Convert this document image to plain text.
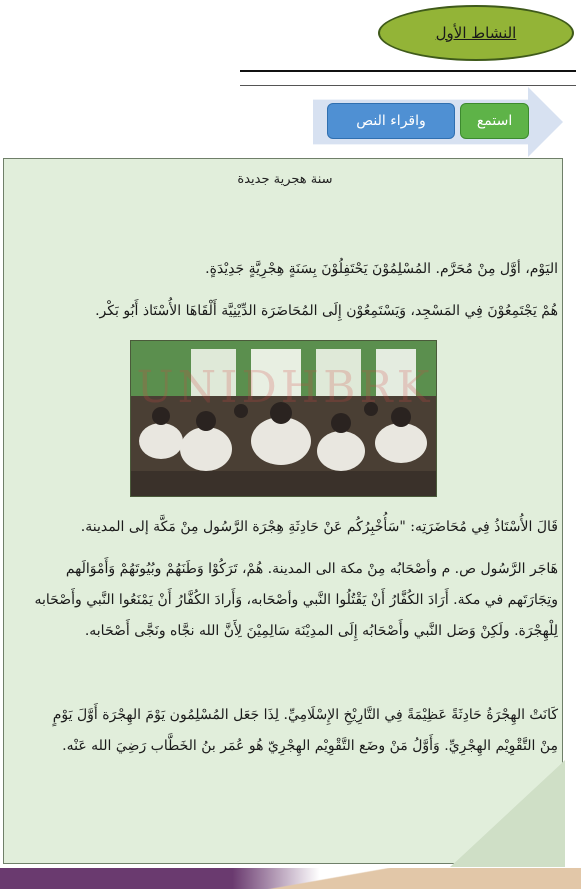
النشاط الأول
استمع
واقراء النص
سنة هجرية جديدة
اليَوْم، أوَّل مِنْ مُحَرَّم. المُسْلِمُوْنَ يَحْتَفِلُوْنَ بِسَنَةٍ هِجْرِيَّةٍ جَدِيْدَةٍ.
هُمْ يَجْتَمِعُوْنَ فِي المَسْجِد، وَيَسْتَمِعُوْن إِلَى المُحَاضَرَة الدِّيْنِيَّة أَلْقَاهَا الأُسْتَاذ أَبُو بَكْر.
UNIDHBRK
قَالَ الأُسْتَاذُ فِي مُحَاضَرَتِه: "سَأُخْبِرُكُم عَنْ حَادِثَةِ هِجْرَة الرَّسُول مِنْ مَكَّة إلى المدينة.
هَاجَر الرَّسُول ص. م وأصْحَابُه مِنْ مكة الى المدينة. هُمْ، تَرَكُوْا وَطَنَهُمْ وبُيُوتَهُمْ وَأَمْوَالَهم وتِجَارَتَهم في مكة. أَرَادَ الكُفَّارُ أَنْ يَقْتُلُوا النَّبي وأصْحَابه، وَأَرادَ الكُفَّارُ أَنْ يَمْنَعُوا النَّبي وأَصْحَابه لِلْهِجْرَة. ولَكِنْ وَصَل النَّبي وأَصْحَابُه إِلَى المدِيْنَة سَالِمِيْنَ لِأَنَّ الله نجَّاه ونَجَّى أَصْحَابه.
كَانَتْ الهِجْرَةُ حَادِثَةً عَظِيْمَةً فِي التَّارِيْخِ الإِسْلَامِيِّ. لِذَا جَعَل المُسْلِمُون يَوْمَ الهِجْرَة أَوَّلَ يَوْمٍ مِنْ التَّقْوِيْم الهِجْرِيِّ. وَأَوَّلُ مَنْ وضَع التَّقْوِيْم الهِجْرِيّ هُو عُمَر بنُ الخَطَّاب رَضِيَ الله عَنْه.
